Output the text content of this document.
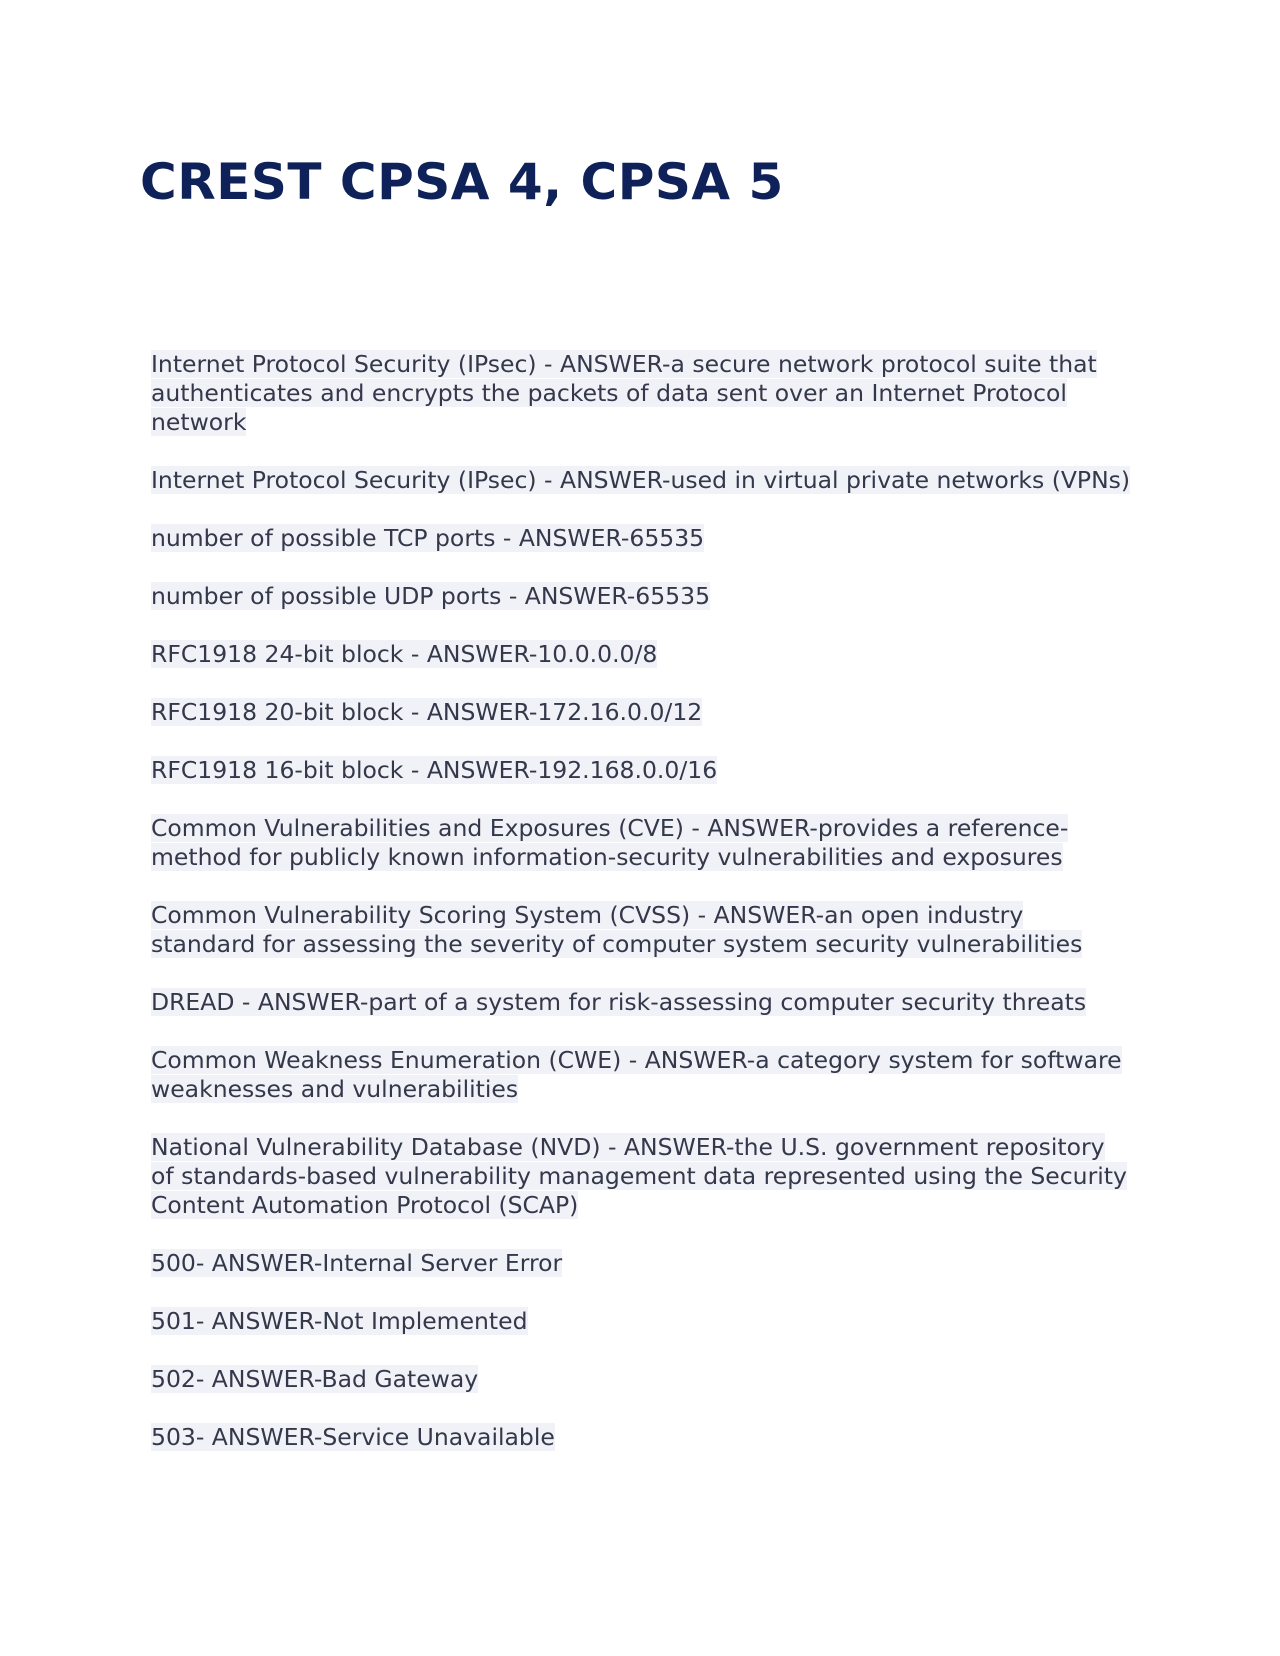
CREST CPSA 4, CPSA 5
Internet Protocol Security (IPsec) - ANSWER-a secure network protocol suite that authenticates and encrypts the packets of data sent over an Internet Protocol network
Internet Protocol Security (IPsec) - ANSWER-used in virtual private networks (VPNs)
number of possible TCP ports - ANSWER-65535
number of possible UDP ports - ANSWER-65535
RFC1918 24-bit block - ANSWER-10.0.0.0/8
RFC1918 20-bit block - ANSWER-172.16.0.0/12
RFC1918 16-bit block - ANSWER-192.168.0.0/16
Common Vulnerabilities and Exposures (CVE) - ANSWER-provides a reference-method for publicly known information-security vulnerabilities and exposures
Common Vulnerability Scoring System (CVSS) - ANSWER-an open industry standard for assessing the severity of computer system security vulnerabilities
DREAD - ANSWER-part of a system for risk-assessing computer security threats
Common Weakness Enumeration (CWE) - ANSWER-a category system for software weaknesses and vulnerabilities
National Vulnerability Database (NVD) - ANSWER-the U.S. government repository of standards-based vulnerability management data represented using the Security Content Automation Protocol (SCAP)
500- ANSWER-Internal Server Error
501- ANSWER-Not Implemented
502- ANSWER-Bad Gateway
503- ANSWER-Service Unavailable
